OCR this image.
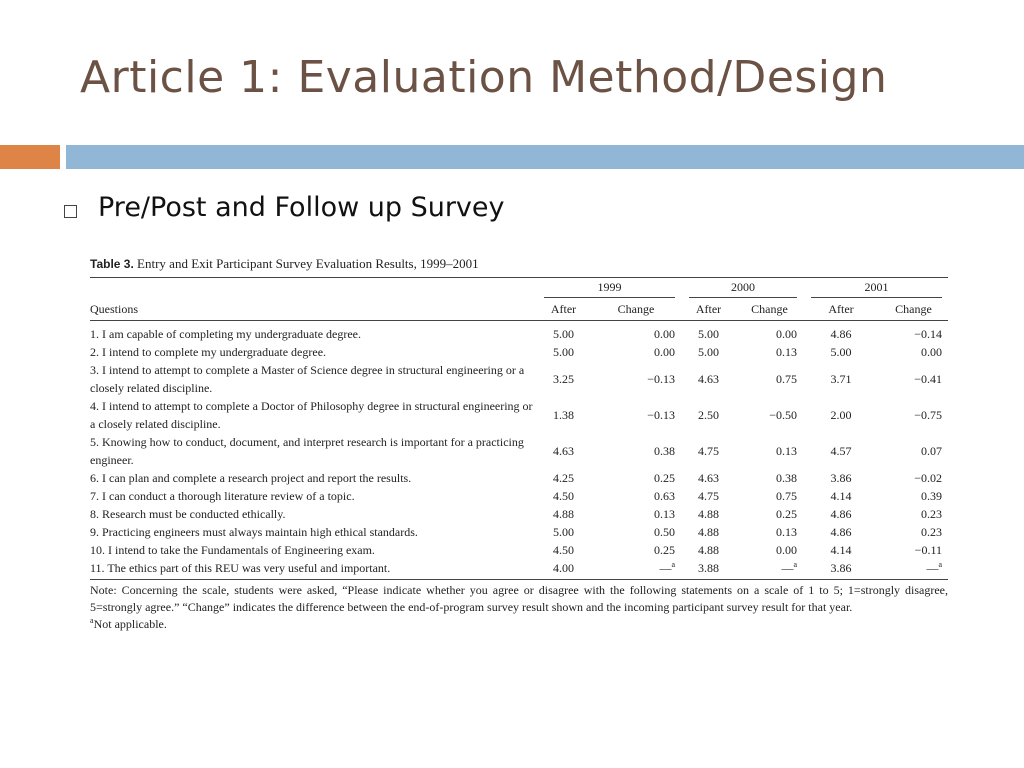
Article 1: Evaluation Method/Design
Pre/Post and Follow up Survey
Table 3. Entry and Exit Participant Survey Evaluation Results, 1999–2001

	1999		2000		2001	

Questions	After	Change	After	Change	After	Change
1. I am capable of completing my undergraduate degree.	5.00	0.00	5.00	0.00	4.86	−0.14
2. I intend to complete my undergraduate degree.	5.00	0.00	5.00	0.13	5.00	0.00
3. I intend to attempt to complete a Master of Science degree in structural engineering or a closely related discipline.	3.25	−0.13	4.63	0.75	3.71	−0.41
4. I intend to attempt to complete a Doctor of Philosophy degree in structural engineering or a closely related discipline.	1.38	−0.13	2.50	−0.50	2.00	−0.75
5. Knowing how to conduct, document, and interpret research is important for a practicing engineer.	4.63	0.38	4.75	0.13	4.57	0.07
6. I can plan and complete a research project and report the results.	4.25	0.25	4.63	0.38	3.86	−0.02
7. I can conduct a thorough literature review of a topic.	4.50	0.63	4.75	0.75	4.14	0.39
8. Research must be conducted ethically.	4.88	0.13	4.88	0.25	4.86	0.23
9. Practicing engineers must always maintain high ethical standards.	5.00	0.50	4.88	0.13	4.86	0.23
10. I intend to take the Fundamentals of Engineering exam.	4.50	0.25	4.88	0.00	4.14	−0.11
11. The ethics part of this REU was very useful and important.	4.00	—$^a$	3.88	—$^a$	3.86	—$^a$

Note: Concerning the scale, students were asked, “Please indicate whether you agree or disagree with the following statements on a scale of 1 to 5; 1=strongly disagree, 5=strongly agree.” “Change” indicates the difference between the end-of-program survey result shown and the incoming participant survey result for that year.

$^a$Not applicable.
